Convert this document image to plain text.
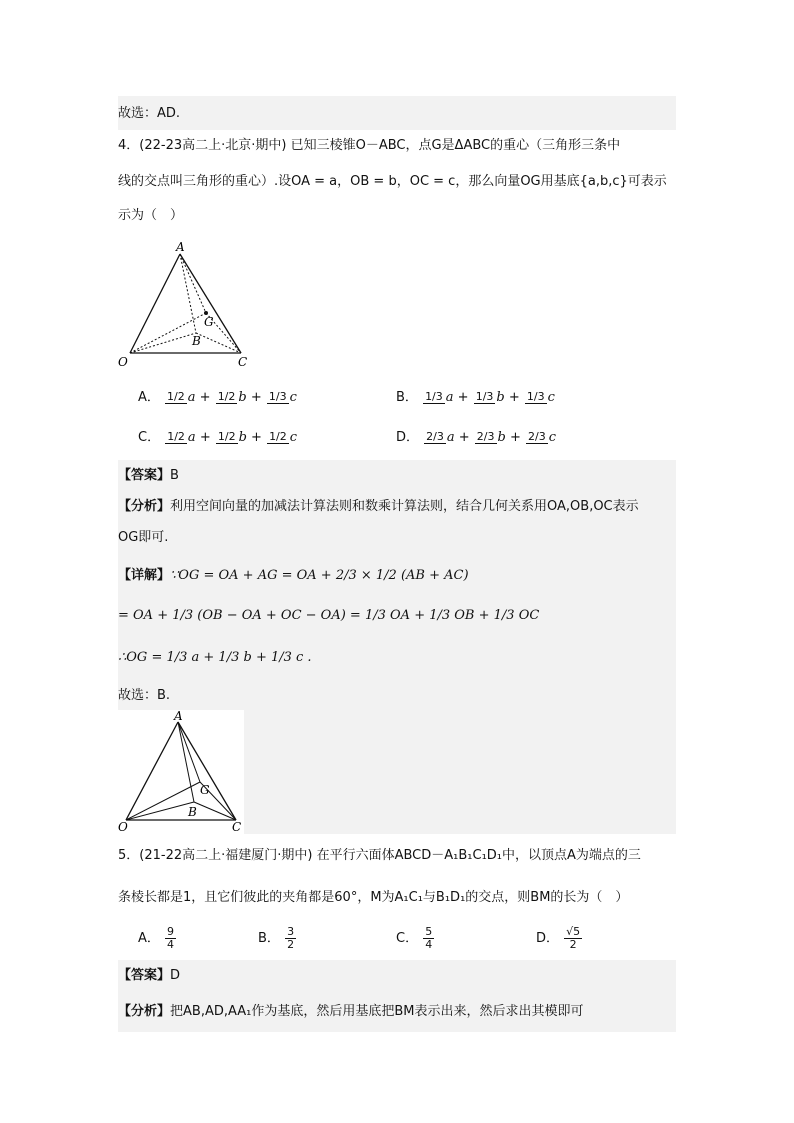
故选：AD.
4．(22-23高二上·北京·期中) 已知三棱锥O－ABC，点G是ΔABC的重心（三角形三条中
线的交点叫三角形的重心）.设OA = a，OB = b，OC = c，那么向量OG用基底{a,b,c}可表示
示为（　）
A
O
B
C
G
A． 1/2 a + 1/2 b + 1/3 c	B． 1/3 a + 1/3 b + 1/3 c
C． 1/2 a + 1/2 b + 1/2 c	D． 2/3 a + 2/3 b + 2/3 c
【答案】B
【分析】利用空间向量的加减法计算法则和数乘计算法则，结合几何关系用OA,OB,OC表示
OG即可.
【详解】∵OG = OA + AG = OA + 2/3 × 1/2 (AB + AC)
= OA + 1/3 (OB − OA + OC − OA) = 1/3 OA + 1/3 OB + 1/3 OC
∴OG = 1/3 a + 1/3 b + 1/3 c .
故选：B.
A
O
B
C
G
5．(21-22高二上·福建厦门·期中) 在平行六面体ABCD－A₁B₁C₁D₁中，以顶点A为端点的三
条棱长都是1，且它们彼此的夹角都是60°，M为A₁C₁与B₁D₁的交点，则BM的长为（　）
A． $\frac{9}{4}$	B． $\frac{3}{2}$	C． $\frac{5}{4}$	D． $\frac{√5}{2}$
【答案】D
【分析】把AB,AD,AA₁作为基底，然后用基底把BM表示出来，然后求出其模即可
